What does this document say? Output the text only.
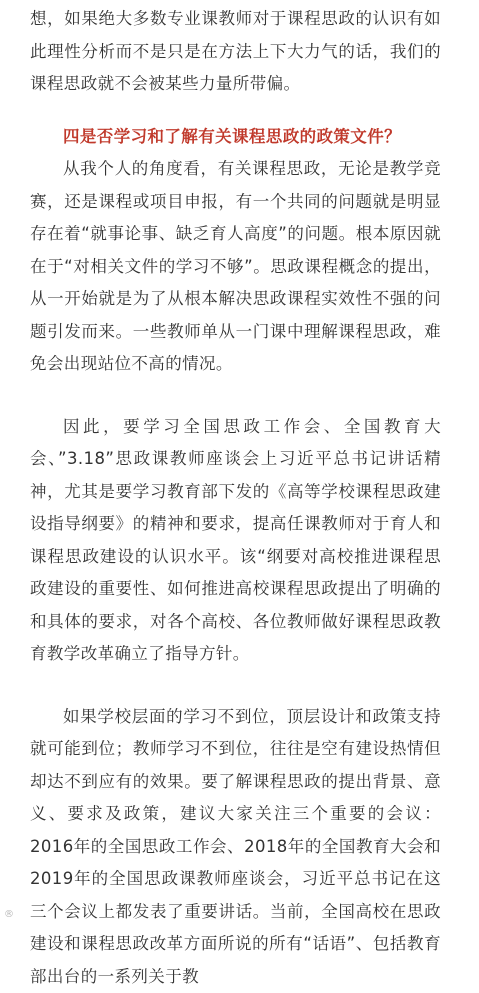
想，如果绝大多数专业课教师对于课程思政的认识有如此理性分析而不是只是在方法上下大力气的话，我们的课程思政就不会被某些力量所带偏。

四是否学习和了解有关课程思政的政策文件？

从我个人的角度看，有关课程思政，无论是教学竞赛，还是课程或项目申报，有一个共同的问题就是明显存在着“就事论事、缺乏育人高度”的问题。根本原因就在于“对相关文件的学习不够”。思政课程概念的提出，从一开始就是为了从根本解决思政课程实效性不强的问题引发而来。一些教师单从一门课中理解课程思政，难免会出现站位不高的情况。

因此，要学习全国思政工作会、全国教育大会、”3.18”思政课教师座谈会上习近平总书记讲话精神，尤其是要学习教育部下发的《高等学校课程思政建设指导纲要》的精神和要求，提高任课教师对于育人和课程思政建设的认识水平。该“纲要对高校推进课程思政建设的重要性、如何推进高校课程思政提出了明确的和具体的要求，对各个高校、各位教师做好课程思政教育教学改革确立了指导方针。

如果学校层面的学习不到位，顶层设计和政策支持就可能到位；教师学习不到位，往往是空有建设热情但却达不到应有的效果。要了解课程思政的提出背景、意义、要求及政策，建议大家关注三个重要的会议：2016年的全国思政工作会、2018年的全国教育大会和2019年的全国思政课教师座谈会，习近平总书记在这三个会议上都发表了重要讲话。当前，全国高校在思政建设和课程思政改革方面所说的所有“话语”、包括教育部出台的一系列关于教

®
